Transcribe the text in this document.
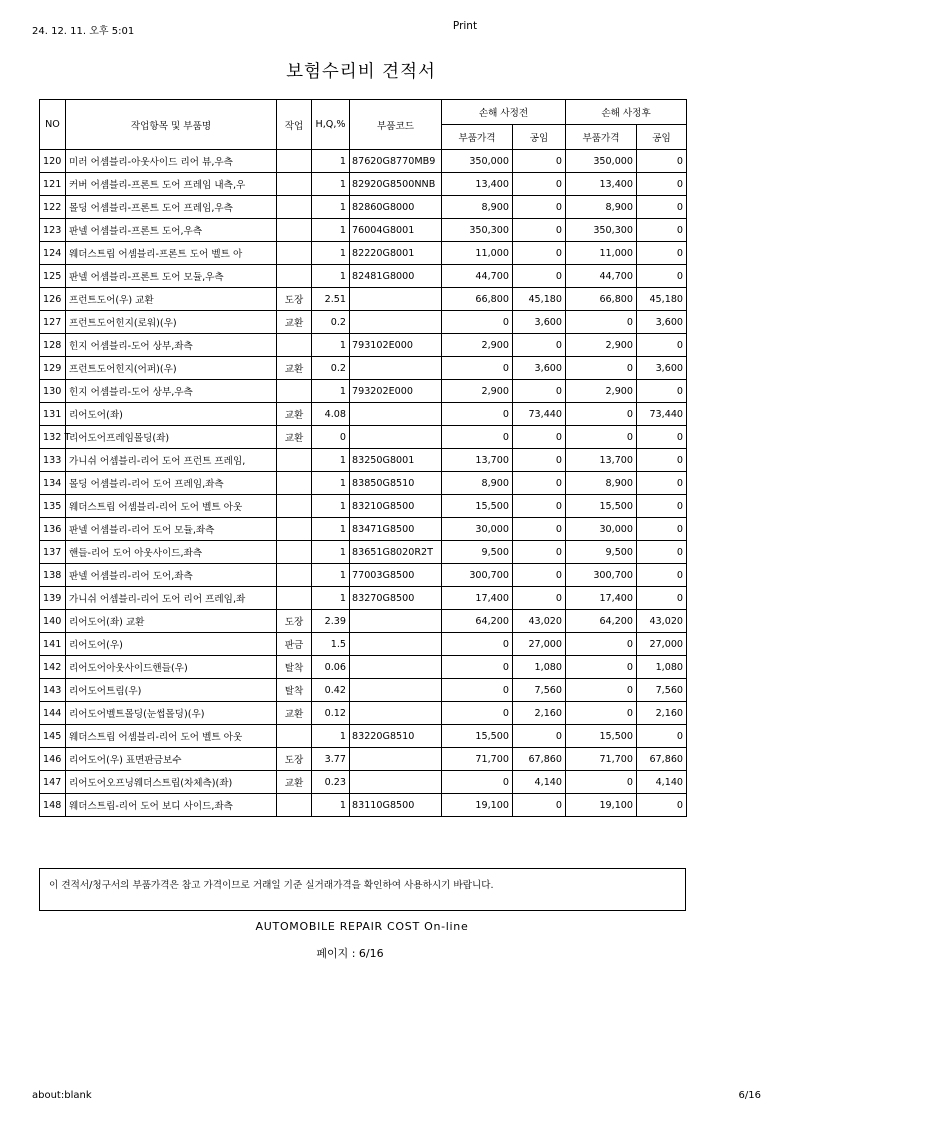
24. 12. 11. 오후 5:01	Print
보험수리비 견적서
NO	작업항목 및 부품명	작업	H,Q,%	부품코드	손해 사정전		손해 사정후	
					부품가격	공임	부품가격	공임
120	미러 어셈블리-아웃사이드 리어 뷰,우측		1	87620G8770MB9	350,000	0	350,000	0
121	커버 어셈블리-프론트 도어 프레임 내측,우		1	82920G8500NNB	13,400	0	13,400	0
122	몰딩 어셈블리-프론트 도어 프레임,우측		1	82860G8000	8,900	0	8,900	0
123	판넬 어셈블리-프론트 도어,우측		1	76004G8001	350,300	0	350,300	0
124	웨더스트립 어셈블리-프론트 도어 벨트 아		1	82220G8001	11,000	0	11,000	0
125	판넬 어셈블리-프론트 도어 모듈,우측		1	82481G8000	44,700	0	44,700	0
126	프런트도어(우) 교환	도장	2.51		66,800	45,180	66,800	45,180
127	프런트도어힌지(로워)(우)	교환	0.2		0	3,600	0	3,600
128	힌지 어셈블리-도어 상부,좌측		1	793102E000	2,900	0	2,900	0
129	프런트도어힌지(어퍼)(우)	교환	0.2		0	3,600	0	3,600
130	힌지 어셈블리-도어 상부,우측		1	793202E000	2,900	0	2,900	0
131	리어도어(좌)	교환	4.08		0	73,440	0	73,440
132 T	리어도어프레임몰딩(좌)	교환	0		0	0	0	0
133	가니쉬 어셈블리-리어 도어 프런트 프레임,		1	83250G8001	13,700	0	13,700	0
134	몰딩 어셈블리-리어 도어 프레임,좌측		1	83850G8510	8,900	0	8,900	0
135	웨더스트립 어셈블리-리어 도어 벨트 아웃		1	83210G8500	15,500	0	15,500	0
136	판넬 어셈블리-리어 도어 모듈,좌측		1	83471G8500	30,000	0	30,000	0
137	핸들-리어 도어 아웃사이드,좌측		1	83651G8020R2T	9,500	0	9,500	0
138	판넬 어셈블리-리어 도어,좌측		1	77003G8500	300,700	0	300,700	0
139	가니쉬 어셈블리-리어 도어 리어 프레임,좌		1	83270G8500	17,400	0	17,400	0
140	리어도어(좌) 교환	도장	2.39		64,200	43,020	64,200	43,020
141	리어도어(우)	판금	1.5		0	27,000	0	27,000
142	리어도어아웃사이드핸들(우)	탈착	0.06		0	1,080	0	1,080
143	리어도어트림(우)	탈착	0.42		0	7,560	0	7,560
144	리어도어벨트몰딩(눈썹몰딩)(우)	교환	0.12		0	2,160	0	2,160
145	웨더스트립 어셈블리-리어 도어 벨트 아웃		1	83220G8510	15,500	0	15,500	0
146	리어도어(우) 표면판금보수	도장	3.77		71,700	67,860	71,700	67,860
147	리어도어오프닝웨더스트립(차체측)(좌)	교환	0.23		0	4,140	0	4,140
148	웨더스트립-리어 도어 보디 사이드,좌측		1	83110G8500	19,100	0	19,100	0
이 견적서/청구서의 부품가격은 참고 가격이므로 거래일 기준 실거래가격을 확인하여 사용하시기 바랍니다.
AUTOMOBILE REPAIR COST On-line
페이지 : 6/16
about:blank	6/16
